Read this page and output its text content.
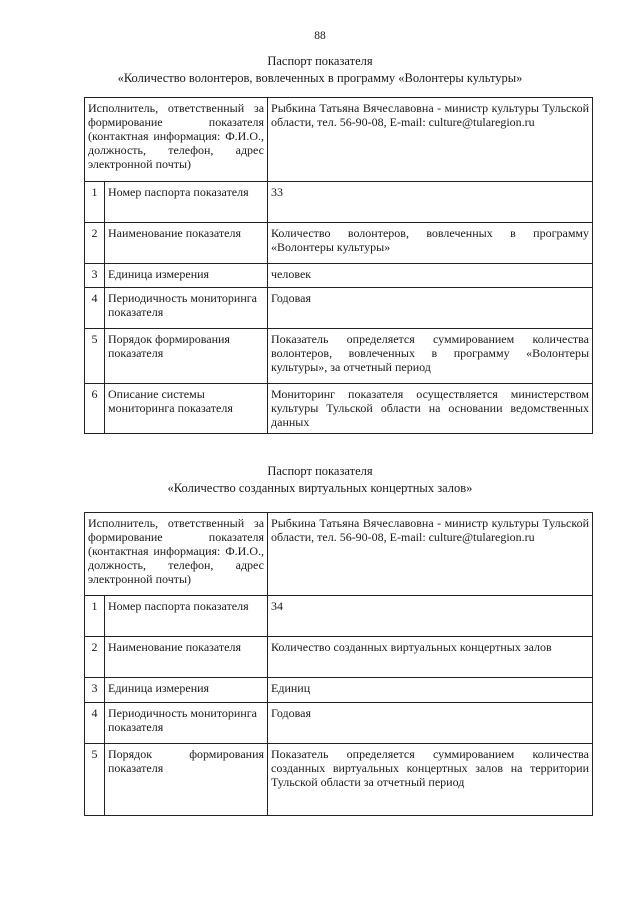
88
Паспорт показателя
«Количество волонтеров, вовлеченных в программу «Волонтеры культуры»
Исполнитель, ответственный за формирование показателя (контактная информация: Ф.И.О., должность, телефон, адрес электронной почты)		Рыбкина Татьяна Вячеславовна - министр культуры Тульской области, тел. 56-90-08, E-mail: culture@tularegion.ru
1	Номер паспорта показателя	33
2	Наименование показателя	Количество волонтеров, вовлеченных в программу «Волонтеры культуры»
3	Единица измерения	человек
4	Периодичность мониторинга показателя	Годовая
5	Порядок формирования показателя	Показатель определяется суммированием количества волонтеров, вовлеченных в программу «Волонтеры культуры», за отчетный период
6	Описание системы мониторинга показателя	Мониторинг показателя осуществляется министерством культуры Тульской области на основании ведомственных данных
Паспорт показателя
«Количество созданных виртуальных концертных залов»
Исполнитель, ответственный за формирование показателя (контактная информация: Ф.И.О., должность, телефон, адрес электронной почты)		Рыбкина Татьяна Вячеславовна - министр культуры Тульской области, тел. 56-90-08, E-mail: culture@tularegion.ru
1	Номер паспорта показателя	34
2	Наименование показателя	Количество созданных виртуальных концертных залов
3	Единица измерения	Единиц
4	Периодичность мониторинга показателя	Годовая
5	Порядок формирования показателя	Показатель определяется суммированием количества созданных виртуальных концертных залов на территории Тульской области за отчетный период
